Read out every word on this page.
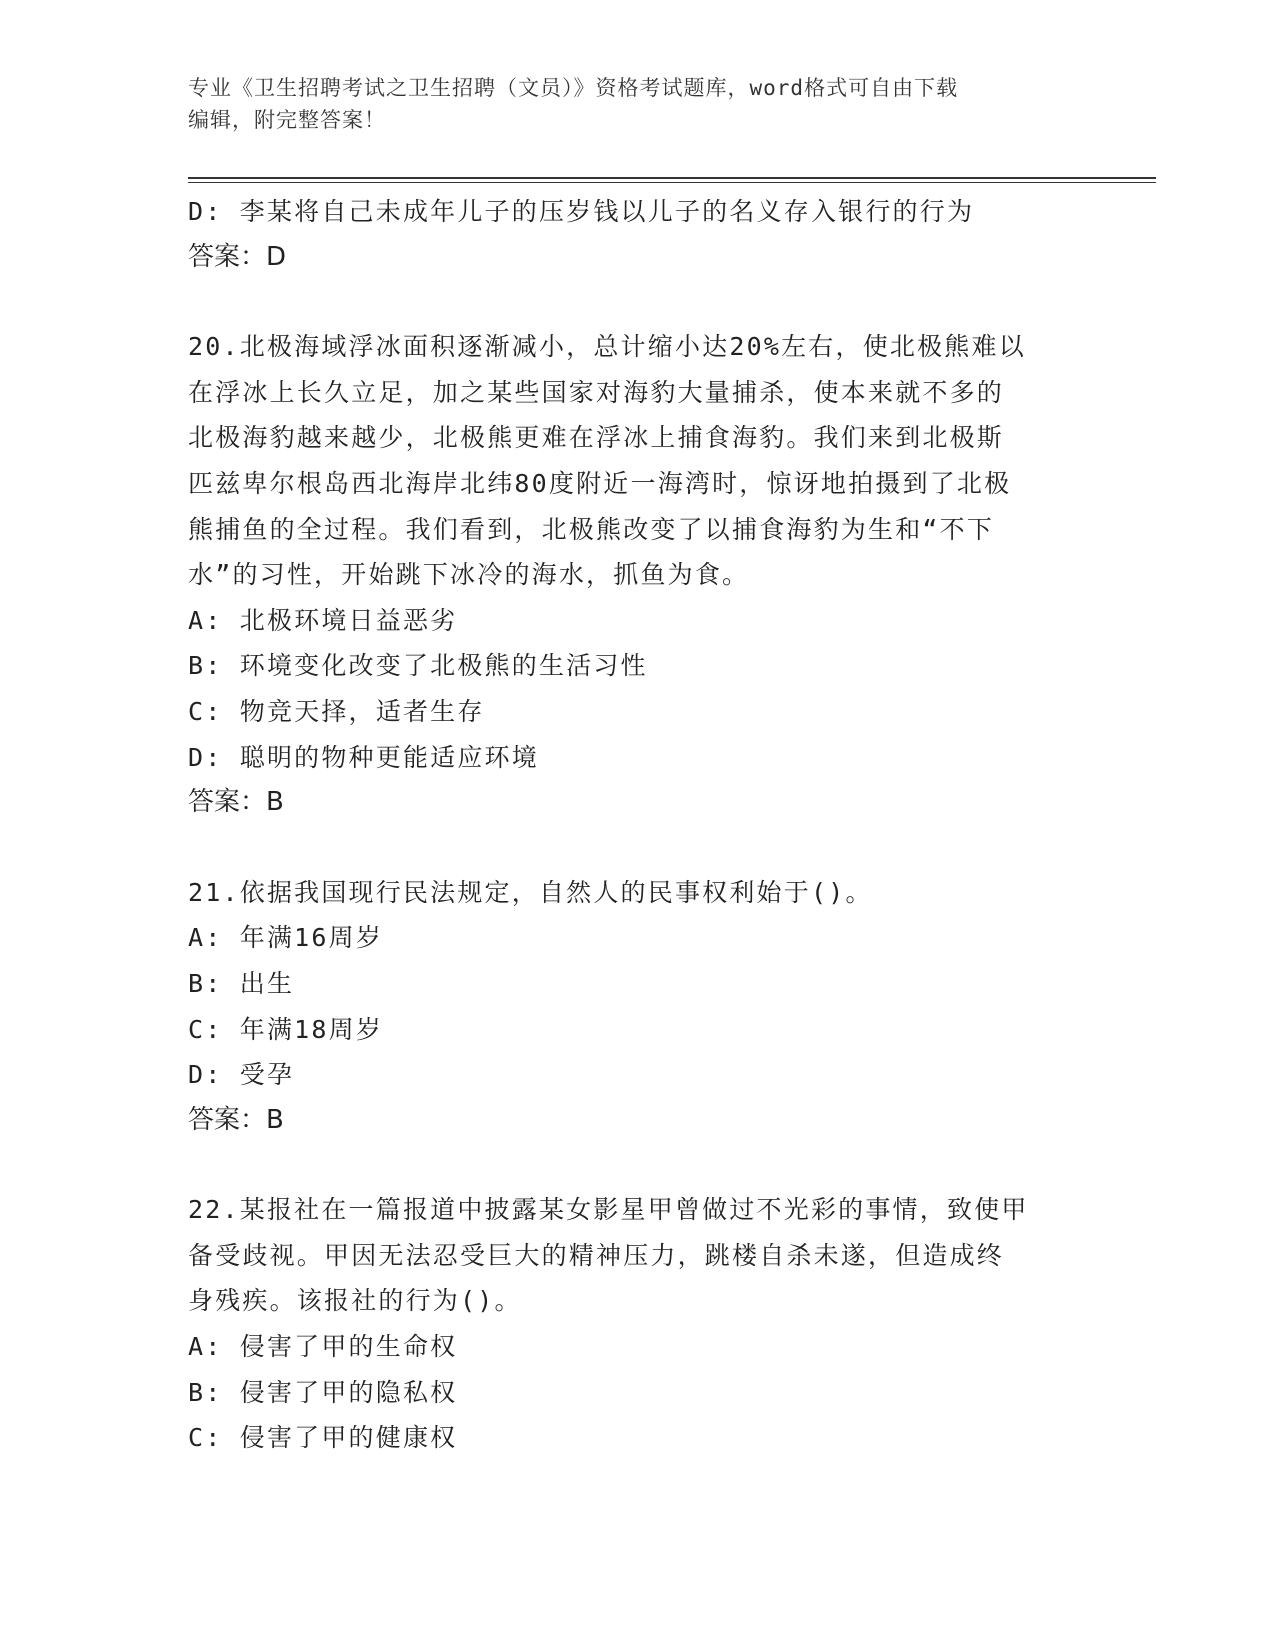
专业《卫生招聘考试之卫生招聘（文员）》资格考试题库，word格式可自由下载
编辑，附完整答案！
D: 李某将自己未成年儿子的压岁钱以儿子的名义存入银行的行为
答案：D
20.北极海域浮冰面积逐渐减小，总计缩小达20%左右，使北极熊难以
在浮冰上长久立足，加之某些国家对海豹大量捕杀，使本来就不多的
北极海豹越来越少，北极熊更难在浮冰上捕食海豹。我们来到北极斯
匹兹卑尔根岛西北海岸北纬80度附近一海湾时，惊讶地拍摄到了北极
熊捕鱼的全过程。我们看到，北极熊改变了以捕食海豹为生和“不下
水”的习性，开始跳下冰冷的海水，抓鱼为食。
A: 北极环境日益恶劣
B: 环境变化改变了北极熊的生活习性
C: 物竞天择，适者生存
D: 聪明的物种更能适应环境
答案：B
21.依据我国现行民法规定，自然人的民事权利始于()。
A: 年满16周岁
B: 出生
C: 年满18周岁
D: 受孕
答案：B
22.某报社在一篇报道中披露某女影星甲曾做过不光彩的事情，致使甲
备受歧视。甲因无法忍受巨大的精神压力，跳楼自杀未遂，但造成终
身残疾。该报社的行为()。
A: 侵害了甲的生命权
B: 侵害了甲的隐私权
C: 侵害了甲的健康权
